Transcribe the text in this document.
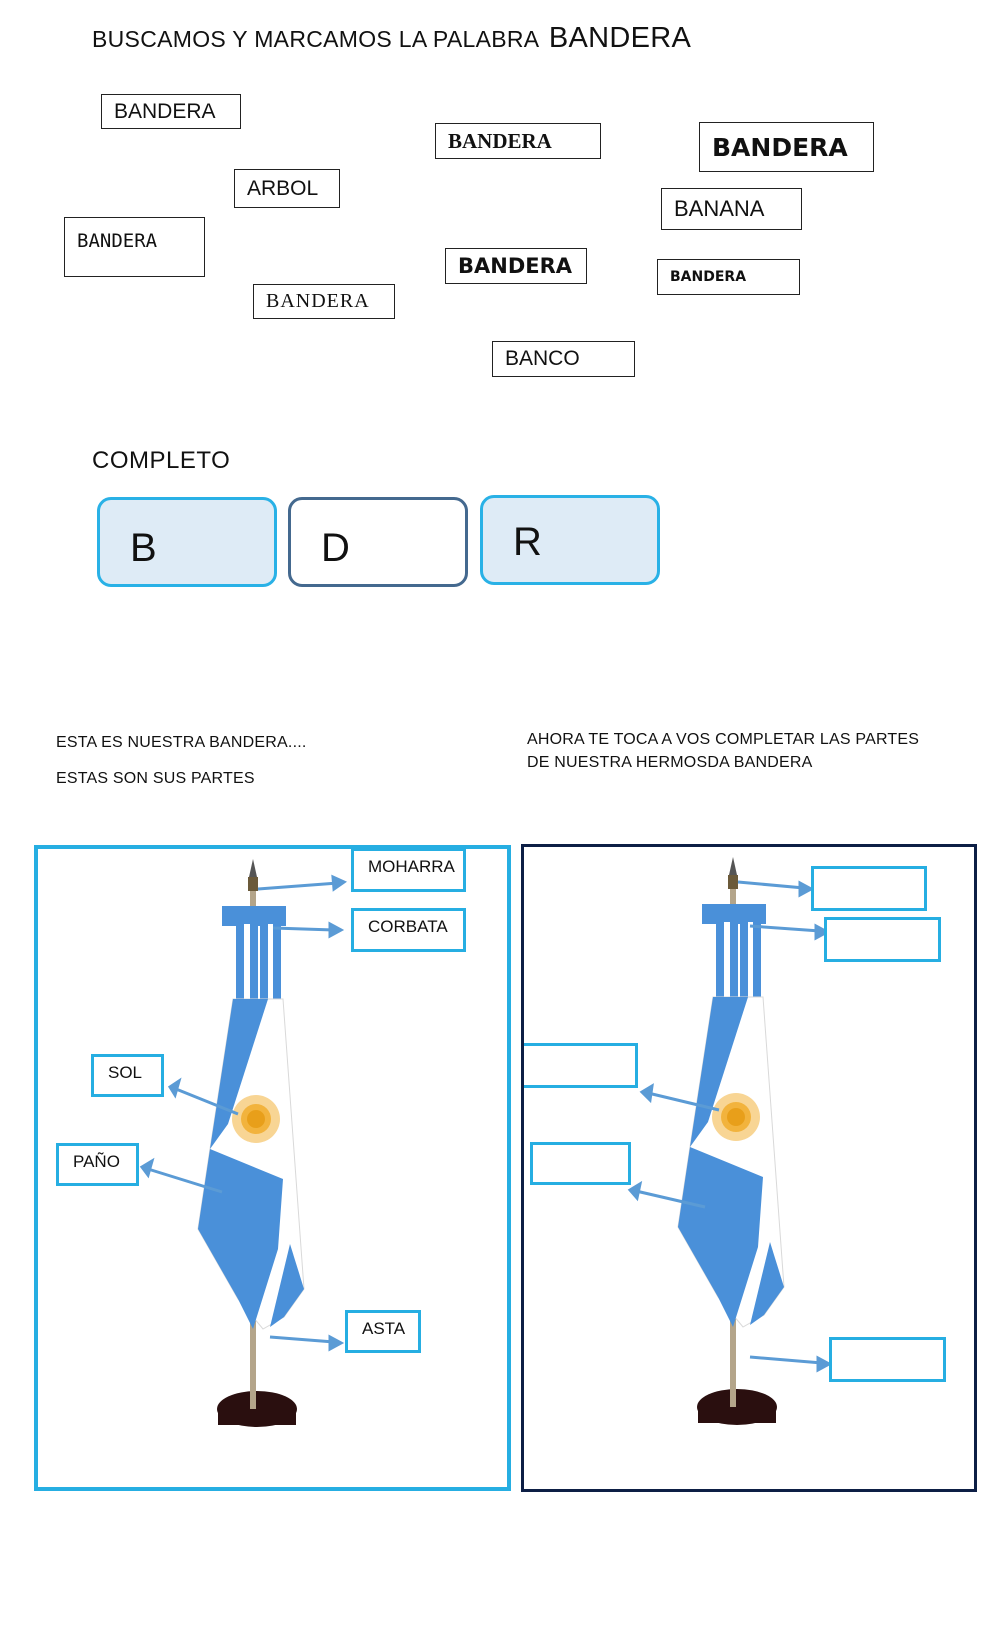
BUSCAMOS Y MARCAMOS LA PALABRA BANDERA
BANDERA
BANDERA	BANDERA
ARBOL
BANANA
BANDERA
BANDERA	BANDERA
BANDERA
BANCO
COMPLETO
B	D	R
ESTA ES NUESTRA BANDERA....
ESTAS SON SUS PARTES
AHORA TE TOCA A VOS COMPLETAR LAS PARTES
DE NUESTRA HERMOSDA BANDERA
MOHARRA
CORBATA
SOL
PAÑO
ASTA
